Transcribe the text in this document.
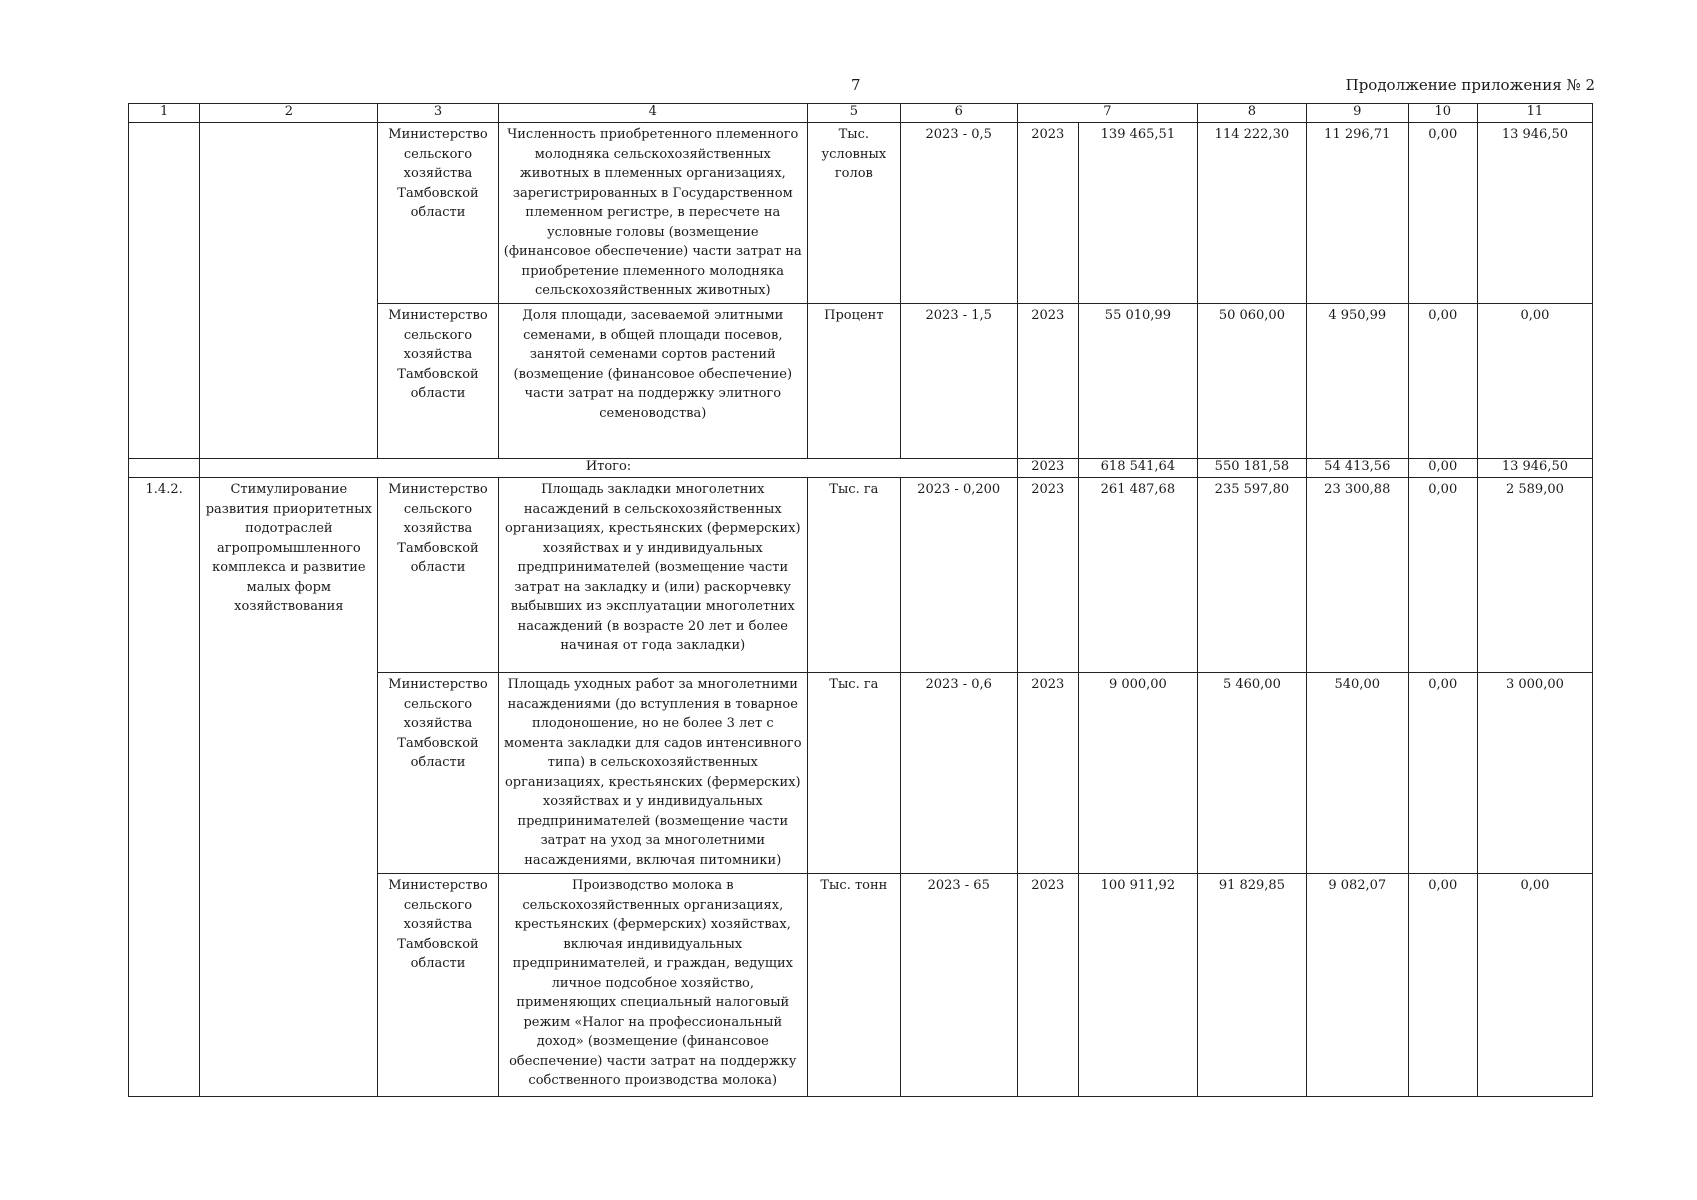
7	Продолжение приложения № 2
1	2	3	4	5	6	7		8	9	10	11
		Министерство сельского хозяйства Тамбовской области	Численность приобретенного племенного молодняка сельскохозяйственных животных в племенных организациях, зарегистрированных в Государственном племенном регистре, в пересчете на условные головы (возмещение (финансовое обеспечение) части затрат на приобретение племенного молодняка сельскохозяйственных животных)	Тыс. условных голов	2023 - 0,5	2023	139 465,51	114 222,30	11 296,71	0,00	13 946,50
		Министерство сельского хозяйства Тамбовской области	Доля площади, засеваемой элитными семенами, в общей площади посевов, занятой семенами сортов растений (возмещение (финансовое обеспечение) части затрат на поддержку элитного семеноводства)	Процент	2023 - 1,5	2023	55 010,99	50 060,00	4 950,99	0,00	0,00
	Итого:					2023	618 541,64	550 181,58	54 413,56	0,00	13 946,50
1.4.2.	Стимулирование развития приоритетных подотраслей агропромышленного комплекса и развитие малых форм хозяйствования	Министерство сельского хозяйства Тамбовской области	Площадь закладки многолетних насаждений в сельскохозяйственных организациях, крестьянских (фермерских) хозяйствах и у индивидуальных предпринимателей (возмещение части затрат на закладку и (или) раскорчевку выбывших из эксплуатации многолетних насаждений (в возрасте 20 лет и более начиная от года закладки)	Тыс. га	2023 - 0,200	2023	261 487,68	235 597,80	23 300,88	0,00	2 589,00
		Министерство сельского хозяйства Тамбовской области	Площадь уходных работ за многолетними насаждениями (до вступления в товарное плодоношение, но не более 3 лет с момента закладки для садов интенсивного типа) в сельскохозяйственных организациях, крестьянских (фермерских) хозяйствах и у индивидуальных предпринимателей (возмещение части затрат на уход за многолетними насаждениями, включая питомники)	Тыс. га	2023 - 0,6	2023	9 000,00	5 460,00	540,00	0,00	3 000,00
		Министерство сельского хозяйства Тамбовской области	Производство молока в сельскохозяйственных организациях, крестьянских (фермерских) хозяйствах, включая индивидуальных предпринимателей, и граждан, ведущих личное подсобное хозяйство, применяющих специальный налоговый режим «Налог на профессиональный доход» (возмещение (финансовое обеспечение) части затрат на поддержку собственного производства молока)	Тыс. тонн	2023 - 65	2023	100 911,92	91 829,85	9 082,07	0,00	0,00
